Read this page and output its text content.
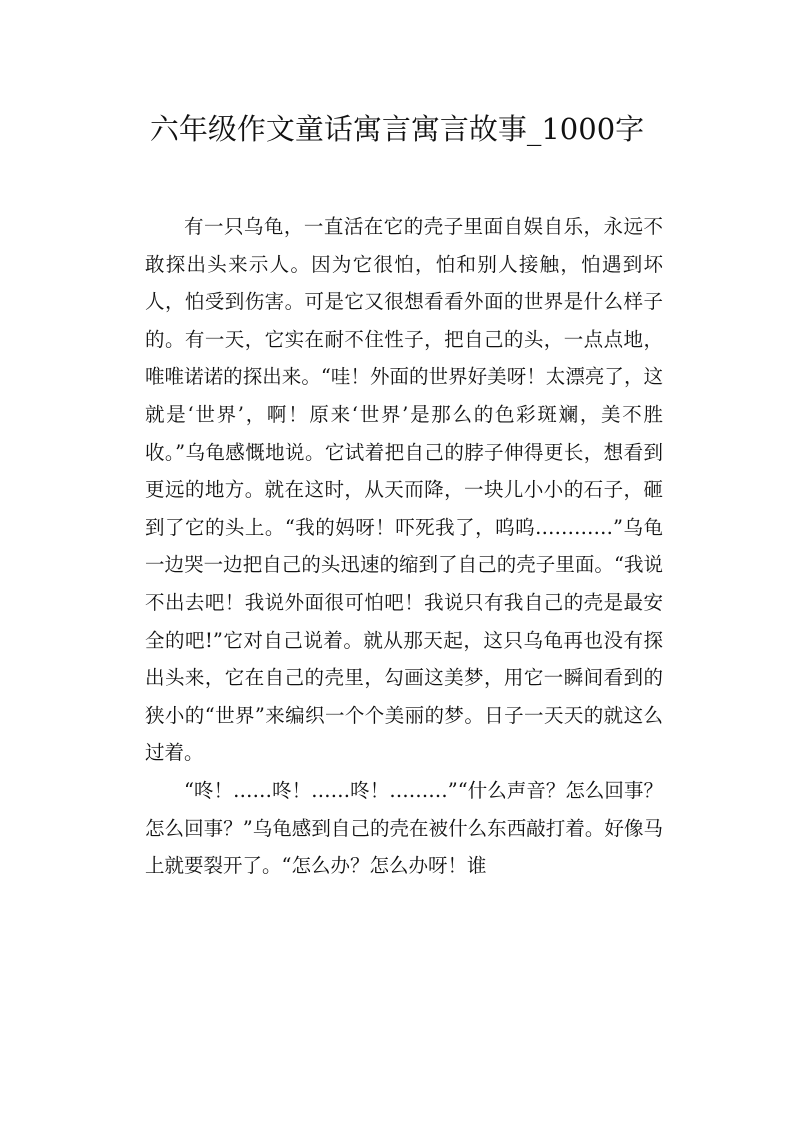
六年级作文童话寓言寓言故事_1000字

有一只乌龟，一直活在它的壳子里面自娱自乐，永远不敢探出头来示人。因为它很怕，怕和别人接触，怕遇到坏人，怕受到伤害。可是它又很想看看外面的世界是什么样子的。有一天，它实在耐不住性子，把自己的头，一点点地，唯唯诺诺的探出来。“哇！外面的世界好美呀！太漂亮了，这就是‘世界’，啊！原来‘世界’是那么的色彩斑斓，美不胜收。”乌龟感慨地说。它试着把自己的脖子伸得更长，想看到更远的地方。就在这时，从天而降，一块儿小小的石子，砸到了它的头上。“我的妈呀！吓死我了，呜呜…………”乌龟一边哭一边把自己的头迅速的缩到了自己的壳子里面。“我说不出去吧！我说外面很可怕吧！我说只有我自己的壳是最安全的吧!”它对自己说着。就从那天起，这只乌龟再也没有探出头来，它在自己的壳里，勾画这美梦，用它一瞬间看到的狭小的“世界”来编织一个个美丽的梦。日子一天天的就这么过着。

“咚！……咚！……咚！………”“什么声音？怎么回事？怎么回事？”乌龟感到自己的壳在被什么东西敲打着。好像马上就要裂开了。“怎么办？怎么办呀！谁
